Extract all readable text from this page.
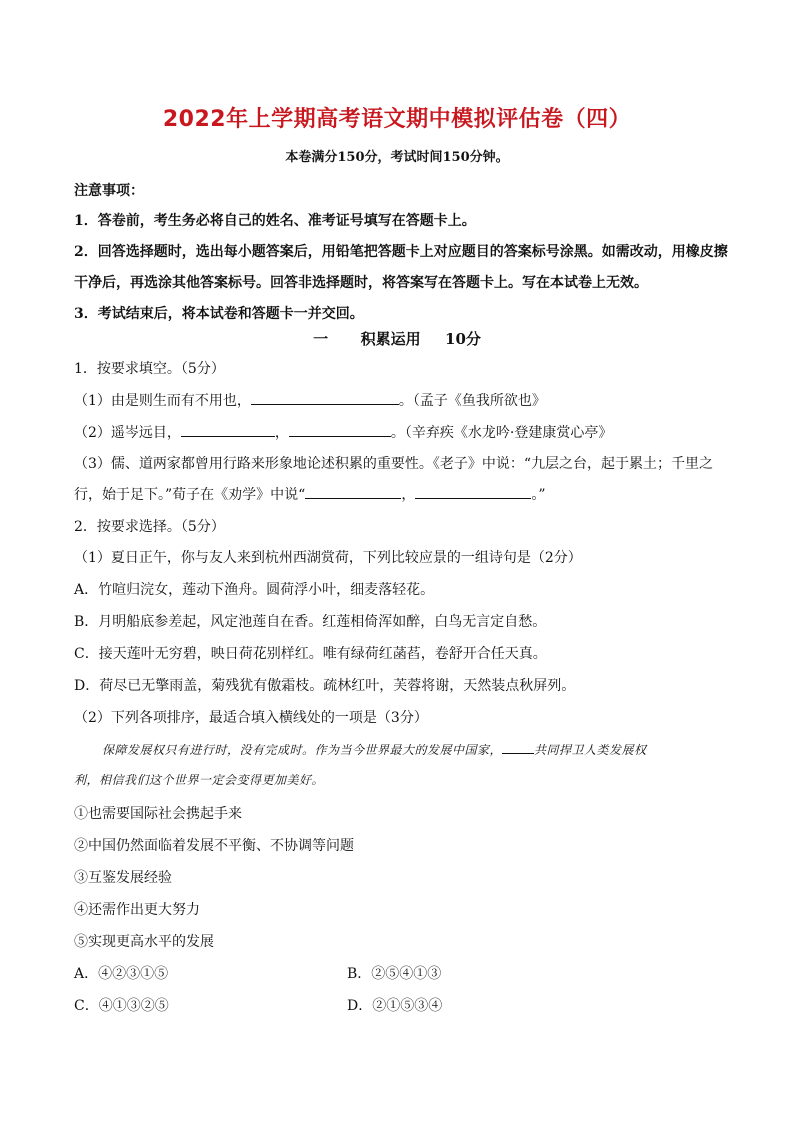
2022年上学期高考语文期中模拟评估卷（四）
本卷满分150分，考试时间150分钟。
注意事项：
1．答卷前，考生务必将自己的姓名、准考证号填写在答题卡上。
2．回答选择题时，选出每小题答案后，用铅笔把答题卡上对应题目的答案标号涂黑。如需改动，用橡皮擦
干净后，再选涂其他答案标号。回答非选择题时，将答案写在答题卡上。写在本试卷上无效。
3．考试结束后，将本试卷和答题卡一并交回。
一 积累运用 10分
1．按要求填空。（5分）
（1）由是则生而有不用也，	。（孟子《鱼我所欲也》
（2）遥岑远目，	，	。（辛弃疾《水龙吟·登建康赏心亭》
（3）儒、道两家都曾用行路来形象地论述积累的重要性。《老子》中说：“九层之台，起于累土；千里之
行，始于足下。”荀子在《劝学》中说“	，	。”
2．按要求选择。（5分）
（1）夏日正午，你与友人来到杭州西湖赏荷，下列比较应景的一组诗句是（2分）
A．竹喧归浣女，莲动下渔舟。圆荷浮小叶，细麦落轻花。
B．月明船底参差起，风定池莲自在香。红莲相倚浑如醉，白鸟无言定自愁。
C．接天莲叶无穷碧，映日荷花别样红。唯有绿荷红菡萏，卷舒开合任天真。
D．荷尽已无擎雨盖，菊残犹有傲霜枝。疏林红叶，芙蓉将谢，天然装点秋屏列。
（2）下列各项排序，最适合填入横线处的一项是（3分）
保障发展权只有进行时，没有完成时。作为当今世界最大的发展中国家，	共同捍卫人类发展权
利，相信我们这个世界一定会变得更加美好。
①也需要国际社会携起手来
②中国仍然面临着发展不平衡、不协调等问题
③互鉴发展经验
④还需作出更大努力
⑤实现更高水平的发展
A．④②③①⑤	B．②⑤④①③
C．④①③②⑤	D．②①⑤③④
